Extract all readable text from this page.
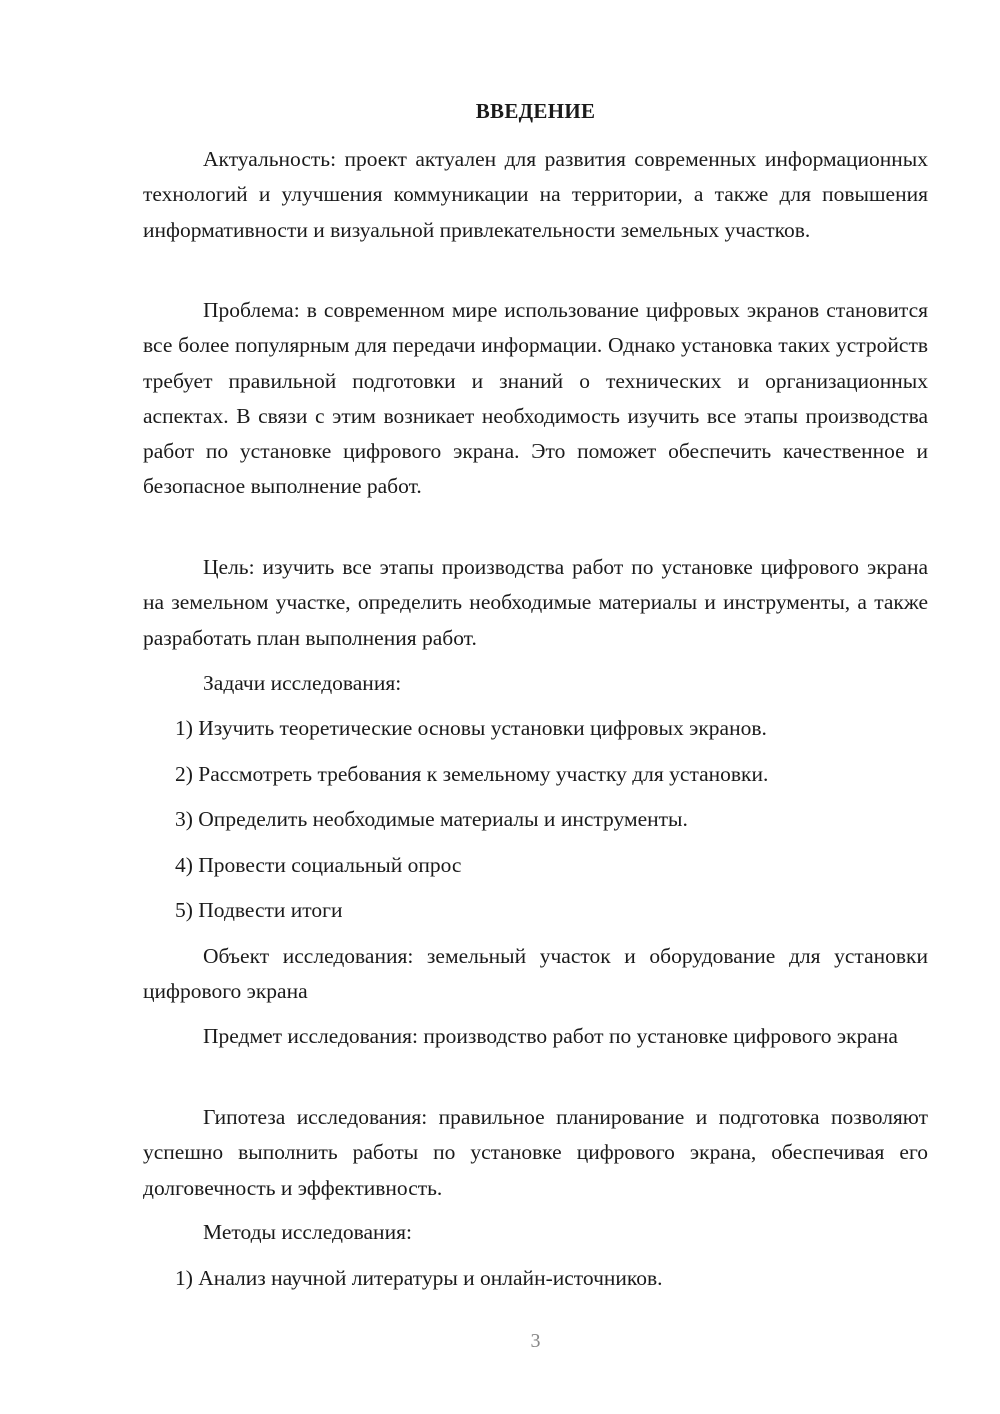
ВВЕДЕНИЕ

Актуальность: проект актуален для развития современных информационных технологий и улучшения коммуникации на территории, а также для повышения информативности и визуальной привлекательности земельных участков.

Проблема: в современном мире использование цифровых экранов становится все более популярным для передачи информации. Однако установка таких устройств требует правильной подготовки и знаний о технических и организационных аспектах. В связи с этим возникает необходимость изучить все этапы производства работ по установке цифрового экрана. Это поможет обеспечить качественное и безопасное выполнение работ.

Цель: изучить все этапы производства работ по установке цифрового экрана на земельном участке, определить необходимые материалы и инструменты, а также разработать план выполнения работ.

Задачи исследования:

1) Изучить теоретические основы установки цифровых экранов.

2) Рассмотреть требования к земельному участку для установки.

3) Определить необходимые материалы и инструменты.

4) Провести социальный опрос

5) Подвести итоги

Объект исследования: земельный участок и оборудование для установки цифрового экрана

Предмет исследования: производство работ по установке цифрового экрана

Гипотеза исследования: правильное планирование и подготовка позволяют успешно выполнить работы по установке цифрового экрана, обеспечивая его долговечность и эффективность.

Методы исследования:

1) Анализ научной литературы и онлайн-источников.

3
